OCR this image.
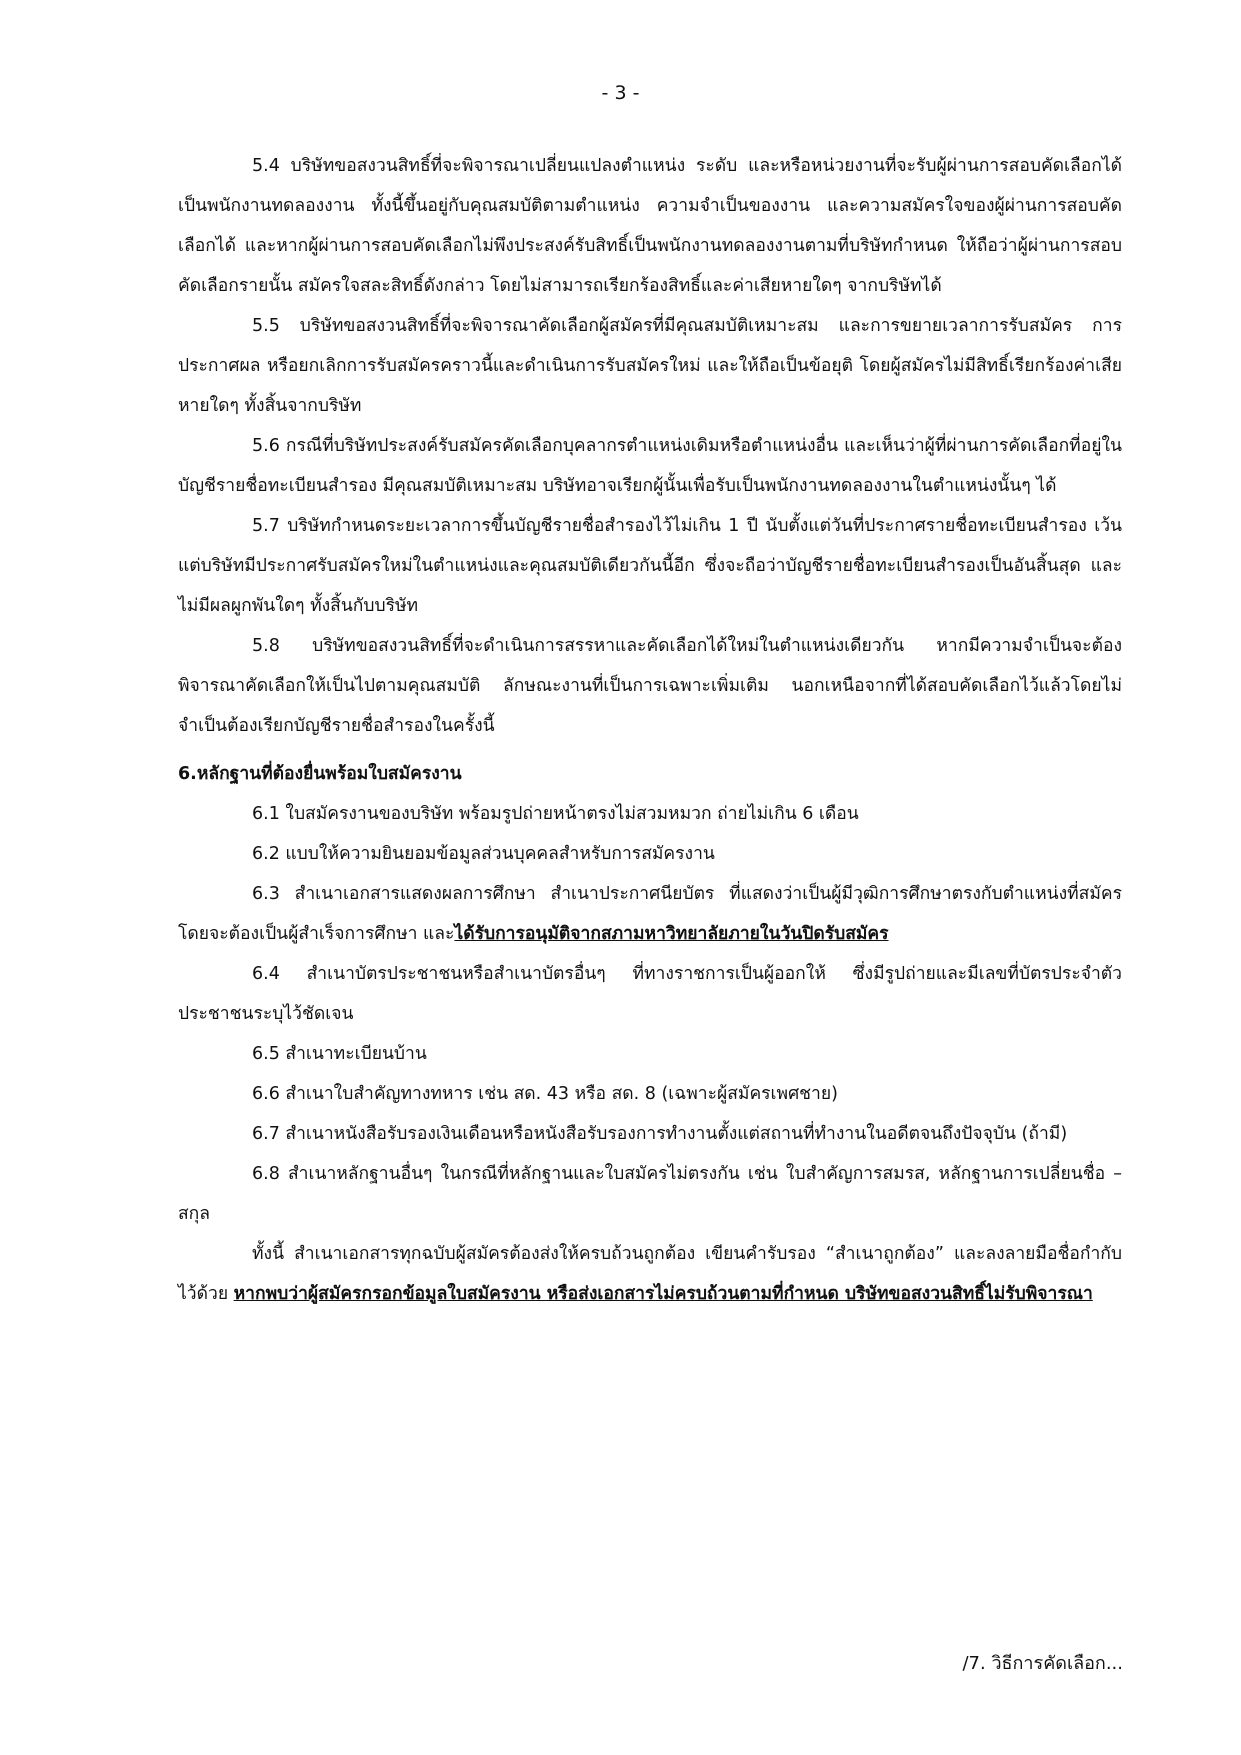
- 3 -

5.4 บริษัทขอสงวนสิทธิ์ที่จะพิจารณาเปลี่ยนแปลงตำแหน่ง ระดับ และหรือหน่วยงานที่จะรับผู้ผ่านการสอบคัดเลือกได้เป็นพนักงานทดลองงาน ทั้งนี้ขึ้นอยู่กับคุณสมบัติตามตำแหน่ง ความจำเป็นของงาน และความสมัครใจของผู้ผ่านการสอบคัดเลือกได้ และหากผู้ผ่านการสอบคัดเลือกไม่พึงประสงค์รับสิทธิ์เป็นพนักงานทดลองงานตามที่บริษัทกำหนด ให้ถือว่าผู้ผ่านการสอบคัดเลือกรายนั้น สมัครใจสละสิทธิ์ดังกล่าว โดยไม่สามารถเรียกร้องสิทธิ์และค่าเสียหายใดๆ จากบริษัทได้

5.5 บริษัทขอสงวนสิทธิ์ที่จะพิจารณาคัดเลือกผู้สมัครที่มีคุณสมบัติเหมาะสม และการขยายเวลาการรับสมัคร การประกาศผล หรือยกเลิกการรับสมัครคราวนี้และดำเนินการรับสมัครใหม่ และให้ถือเป็นข้อยุติ โดยผู้สมัครไม่มีสิทธิ์เรียกร้องค่าเสียหายใดๆ ทั้งสิ้นจากบริษัท

5.6 กรณีที่บริษัทประสงค์รับสมัครคัดเลือกบุคลากรตำแหน่งเดิมหรือตำแหน่งอื่น และเห็นว่าผู้ที่ผ่านการคัดเลือกที่อยู่ในบัญชีรายชื่อทะเบียนสำรอง มีคุณสมบัติเหมาะสม บริษัทอาจเรียกผู้นั้นเพื่อรับเป็นพนักงานทดลองงานในตำแหน่งนั้นๆ ได้

5.7 บริษัทกำหนดระยะเวลาการขึ้นบัญชีรายชื่อสำรองไว้ไม่เกิน 1 ปี นับตั้งแต่วันที่ประกาศรายชื่อทะเบียนสำรอง เว้นแต่บริษัทมีประกาศรับสมัครใหม่ในตำแหน่งและคุณสมบัติเดียวกันนี้อีก ซึ่งจะถือว่าบัญชีรายชื่อทะเบียนสำรองเป็นอันสิ้นสุด และไม่มีผลผูกพันใดๆ ทั้งสิ้นกับบริษัท

5.8 บริษัทขอสงวนสิทธิ์ที่จะดำเนินการสรรหาและคัดเลือกได้ใหม่ในตำแหน่งเดียวกัน หากมีความจำเป็นจะต้องพิจารณาคัดเลือกให้เป็นไปตามคุณสมบัติ ลักษณะงานที่เป็นการเฉพาะเพิ่มเติม นอกเหนือจากที่ได้สอบคัดเลือกไว้แล้วโดยไม่จำเป็นต้องเรียกบัญชีรายชื่อสำรองในครั้งนี้

6.หลักฐานที่ต้องยื่นพร้อมใบสมัครงาน

6.1 ใบสมัครงานของบริษัท พร้อมรูปถ่ายหน้าตรงไม่สวมหมวก ถ่ายไม่เกิน 6 เดือน

6.2 แบบให้ความยินยอมข้อมูลส่วนบุคคลสำหรับการสมัครงาน

6.3 สำเนาเอกสารแสดงผลการศึกษา สำเนาประกาศนียบัตร ที่แสดงว่าเป็นผู้มีวุฒิการศึกษาตรงกับตำแหน่งที่สมัคร โดยจะต้องเป็นผู้สำเร็จการศึกษา และได้รับการอนุมัติจากสภามหาวิทยาลัยภายในวันปิดรับสมัคร

6.4 สำเนาบัตรประชาชนหรือสำเนาบัตรอื่นๆ ที่ทางราชการเป็นผู้ออกให้ ซึ่งมีรูปถ่ายและมีเลขที่บัตรประจำตัวประชาชนระบุไว้ชัดเจน

6.5 สำเนาทะเบียนบ้าน

6.6 สำเนาใบสำคัญทางทหาร เช่น สด. 43 หรือ สด. 8 (เฉพาะผู้สมัครเพศชาย)

6.7 สำเนาหนังสือรับรองเงินเดือนหรือหนังสือรับรองการทำงานตั้งแต่สถานที่ทำงานในอดีตจนถึงปัจจุบัน (ถ้ามี)

6.8 สำเนาหลักฐานอื่นๆ ในกรณีที่หลักฐานและใบสมัครไม่ตรงกัน เช่น ใบสำคัญการสมรส, หลักฐานการเปลี่ยนชื่อ – สกุล

ทั้งนี้ สำเนาเอกสารทุกฉบับผู้สมัครต้องส่งให้ครบถ้วนถูกต้อง เขียนคำรับรอง “สำเนาถูกต้อง” และลงลายมือชื่อกำกับไว้ด้วย หากพบว่าผู้สมัครกรอกข้อมูลใบสมัครงาน หรือส่งเอกสารไม่ครบถ้วนตามที่กำหนด บริษัทขอสงวนสิทธิ์ไม่รับพิจารณา

/7. วิธีการคัดเลือก...
